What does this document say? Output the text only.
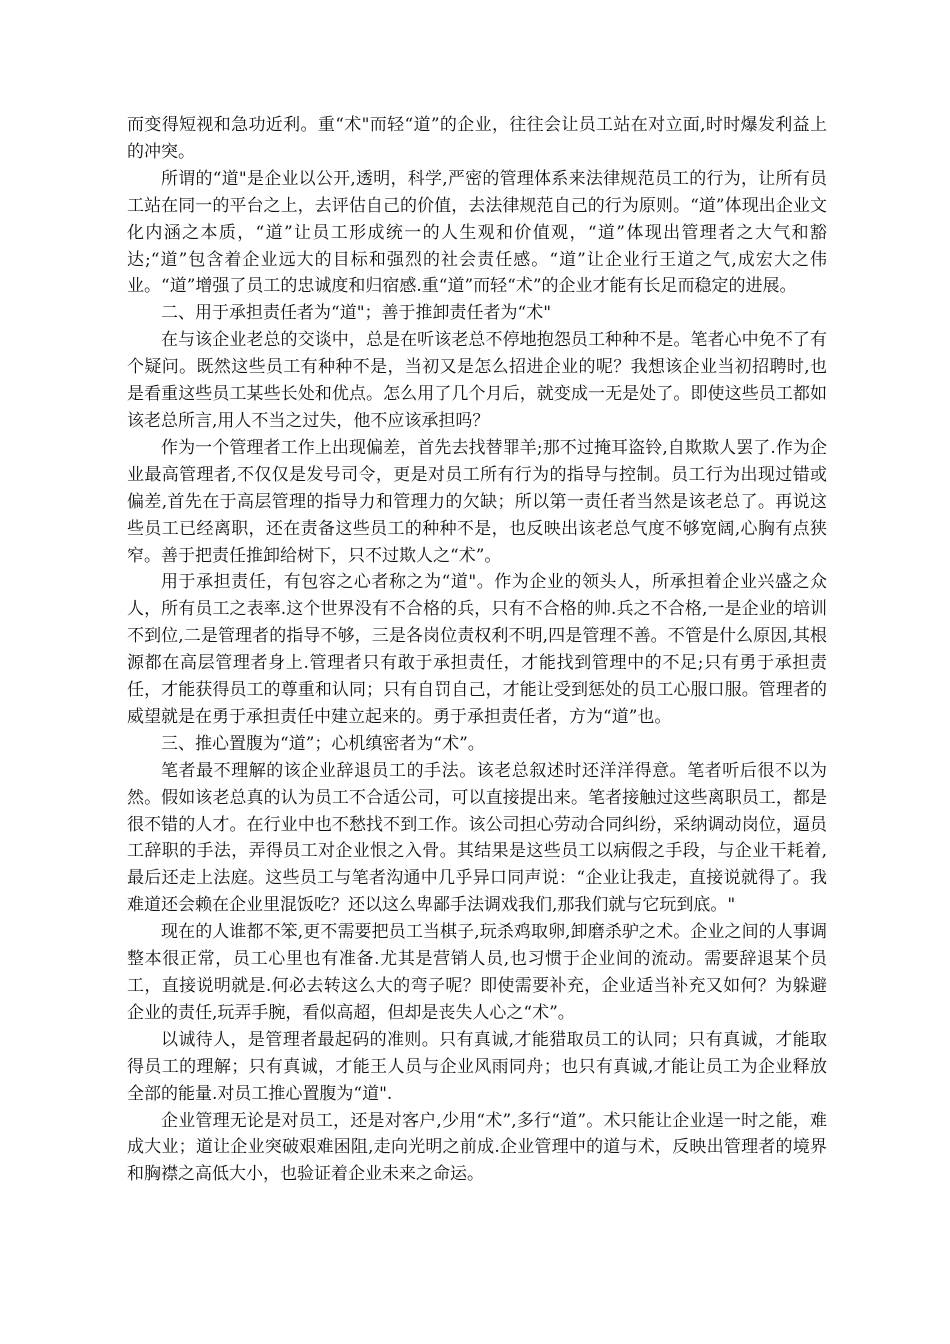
而变得短视和急功近利。重“术"而轻“道”的企业，往往会让员工站在对立面,时时爆发利益上的冲突。

所谓的“道"是企业以公开,透明，科学,严密的管理体系来法律规范员工的行为，让所有员工站在同一的平台之上，去评估自己的价值，去法律规范自己的行为原则。“道”体现出企业文化内涵之本质，“道”让员工形成统一的人生观和价值观，“道”体现出管理者之大气和豁达;“道”包含着企业远大的目标和强烈的社会责任感。“道”让企业行王道之气,成宏大之伟业。“道”增强了员工的忠诚度和归宿感.重“道”而轻“术”的企业才能有长足而稳定的进展。

二、用于承担责任者为“道"；善于推卸责任者为“术"

在与该企业老总的交谈中，总是在听该老总不停地抱怨员工种种不是。笔者心中免不了有个疑问。既然这些员工有种种不是，当初又是怎么招进企业的呢？我想该企业当初招聘时,也是看重这些员工某些长处和优点。怎么用了几个月后，就变成一无是处了。即使这些员工都如该老总所言,用人不当之过失，他不应该承担吗？

作为一个管理者工作上出现偏差，首先去找替罪羊;那不过掩耳盗铃,自欺欺人罢了.作为企业最高管理者,不仅仅是发号司令，更是对员工所有行为的指导与控制。员工行为出现过错或偏差,首先在于高层管理的指导力和管理力的欠缺；所以第一责任者当然是该老总了。再说这些员工已经离职，还在责备这些员工的种种不是，也反映出该老总气度不够宽阔,心胸有点狭窄。善于把责任推卸给树下，只不过欺人之“术”。

用于承担责任，有包容之心者称之为“道"。作为企业的领头人，所承担着企业兴盛之众人，所有员工之表率.这个世界没有不合格的兵，只有不合格的帅.兵之不合格,一是企业的培训不到位,二是管理者的指导不够，三是各岗位责权利不明,四是管理不善。不管是什么原因,其根源都在高层管理者身上.管理者只有敢于承担责任，才能找到管理中的不足;只有勇于承担责任，才能获得员工的尊重和认同；只有自罚自己，才能让受到惩处的员工心服口服。管理者的威望就是在勇于承担责任中建立起来的。勇于承担责任者，方为“道”也。

三、推心置腹为“道”；心机缜密者为“术”。

笔者最不理解的该企业辞退员工的手法。该老总叙述时还洋洋得意。笔者听后很不以为然。假如该老总真的认为员工不合适公司，可以直接提出来。笔者接触过这些离职员工，都是很不错的人才。在行业中也不愁找不到工作。该公司担心劳动合同纠纷，采纳调动岗位，逼员工辞职的手法，弄得员工对企业恨之入骨。其结果是这些员工以病假之手段，与企业干耗着,最后还走上法庭。这些员工与笔者沟通中几乎异口同声说：“企业让我走，直接说就得了。我难道还会赖在企业里混饭吃？还以这么卑鄙手法调戏我们,那我们就与它玩到底。"

现在的人谁都不笨,更不需要把员工当棋子,玩杀鸡取卵,卸磨杀驴之术。企业之间的人事调整本很正常，员工心里也有准备.尤其是营销人员,也习惯于企业间的流动。需要辞退某个员工，直接说明就是.何必去转这么大的弯子呢？即使需要补充，企业适当补充又如何？为躲避企业的责任,玩弄手腕，看似高超，但却是丧失人心之“术”。

以诚待人，是管理者最起码的准则。只有真诚,才能猎取员工的认同；只有真诚，才能取得员工的理解；只有真诚，才能王人员与企业风雨同舟；也只有真诚,才能让员工为企业释放全部的能量.对员工推心置腹为“道".

企业管理无论是对员工，还是对客户,少用“术”,多行“道”。术只能让企业逞一时之能，难成大业；道让企业突破艰难困阻,走向光明之前成.企业管理中的道与术，反映出管理者的境界和胸襟之高低大小，也验证着企业未来之命运。
